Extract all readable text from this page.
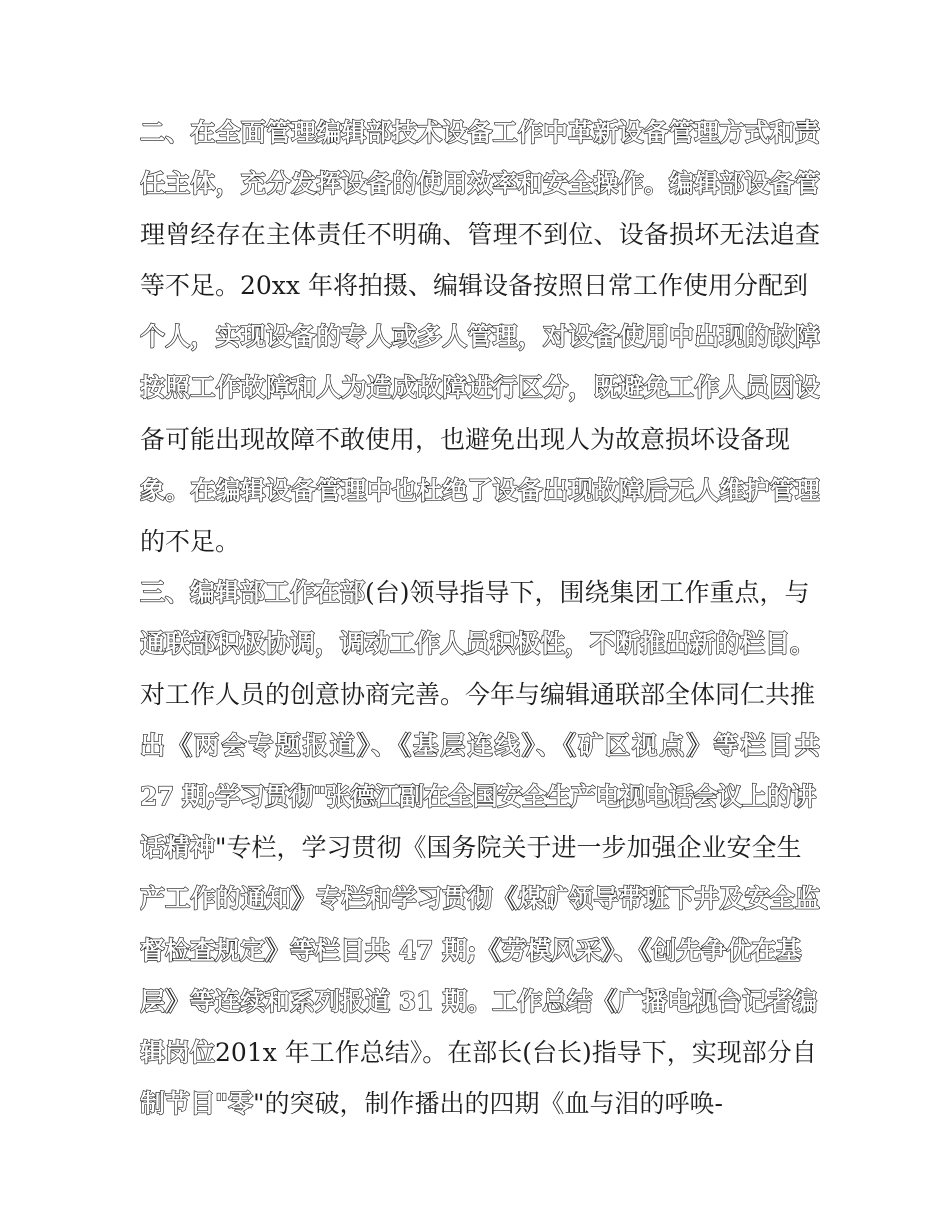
二、在全面管理编辑部技术设备工作中革新设备管理方式和责
任主体，充分发挥设备的使用效率和安全操作。编辑部设备管
理曾经存在主体责任不明确、管理不到位、设备损坏无法追查
等不足。20xx 年将拍摄、编辑设备按照日常工作使用分配到
个人，实现设备的专人或多人管理，对设备使用中出现的故障
按照工作故障和人为造成故障进行区分，既避免工作人员因设
备可能出现故障不敢使用，也避免出现人为故意损坏设备现
象。在编辑设备管理中也杜绝了设备出现故障后无人维护管理
的不足。
三、编辑部工作在部(台)领导指导下，围绕集团工作重点，与
通联部积极协调，调动工作人员积极性，不断推出新的栏目。
对工作人员的创意协商完善。今年与编辑通联部全体同仁共推
出《两会专题报道》、《基层连线》、《矿区视点》等栏目共
27 期;学习贯彻"张德江副在全国安全生产电视电话会议上的讲
话精神"专栏，学习贯彻《国务院关于进一步加强企业安全生
产工作的通知》专栏和学习贯彻《煤矿领导带班下井及安全监
督检查规定》等栏目共 47 期;《劳模风采》、《创先争优在基
层》等连续和系列报道 31 期。工作总结《广播电视台记者编
辑岗位201x 年工作总结》。在部长(台长)指导下，实现部分自
制节目"零"的突破，制作播出的四期《血与泪的呼唤-
